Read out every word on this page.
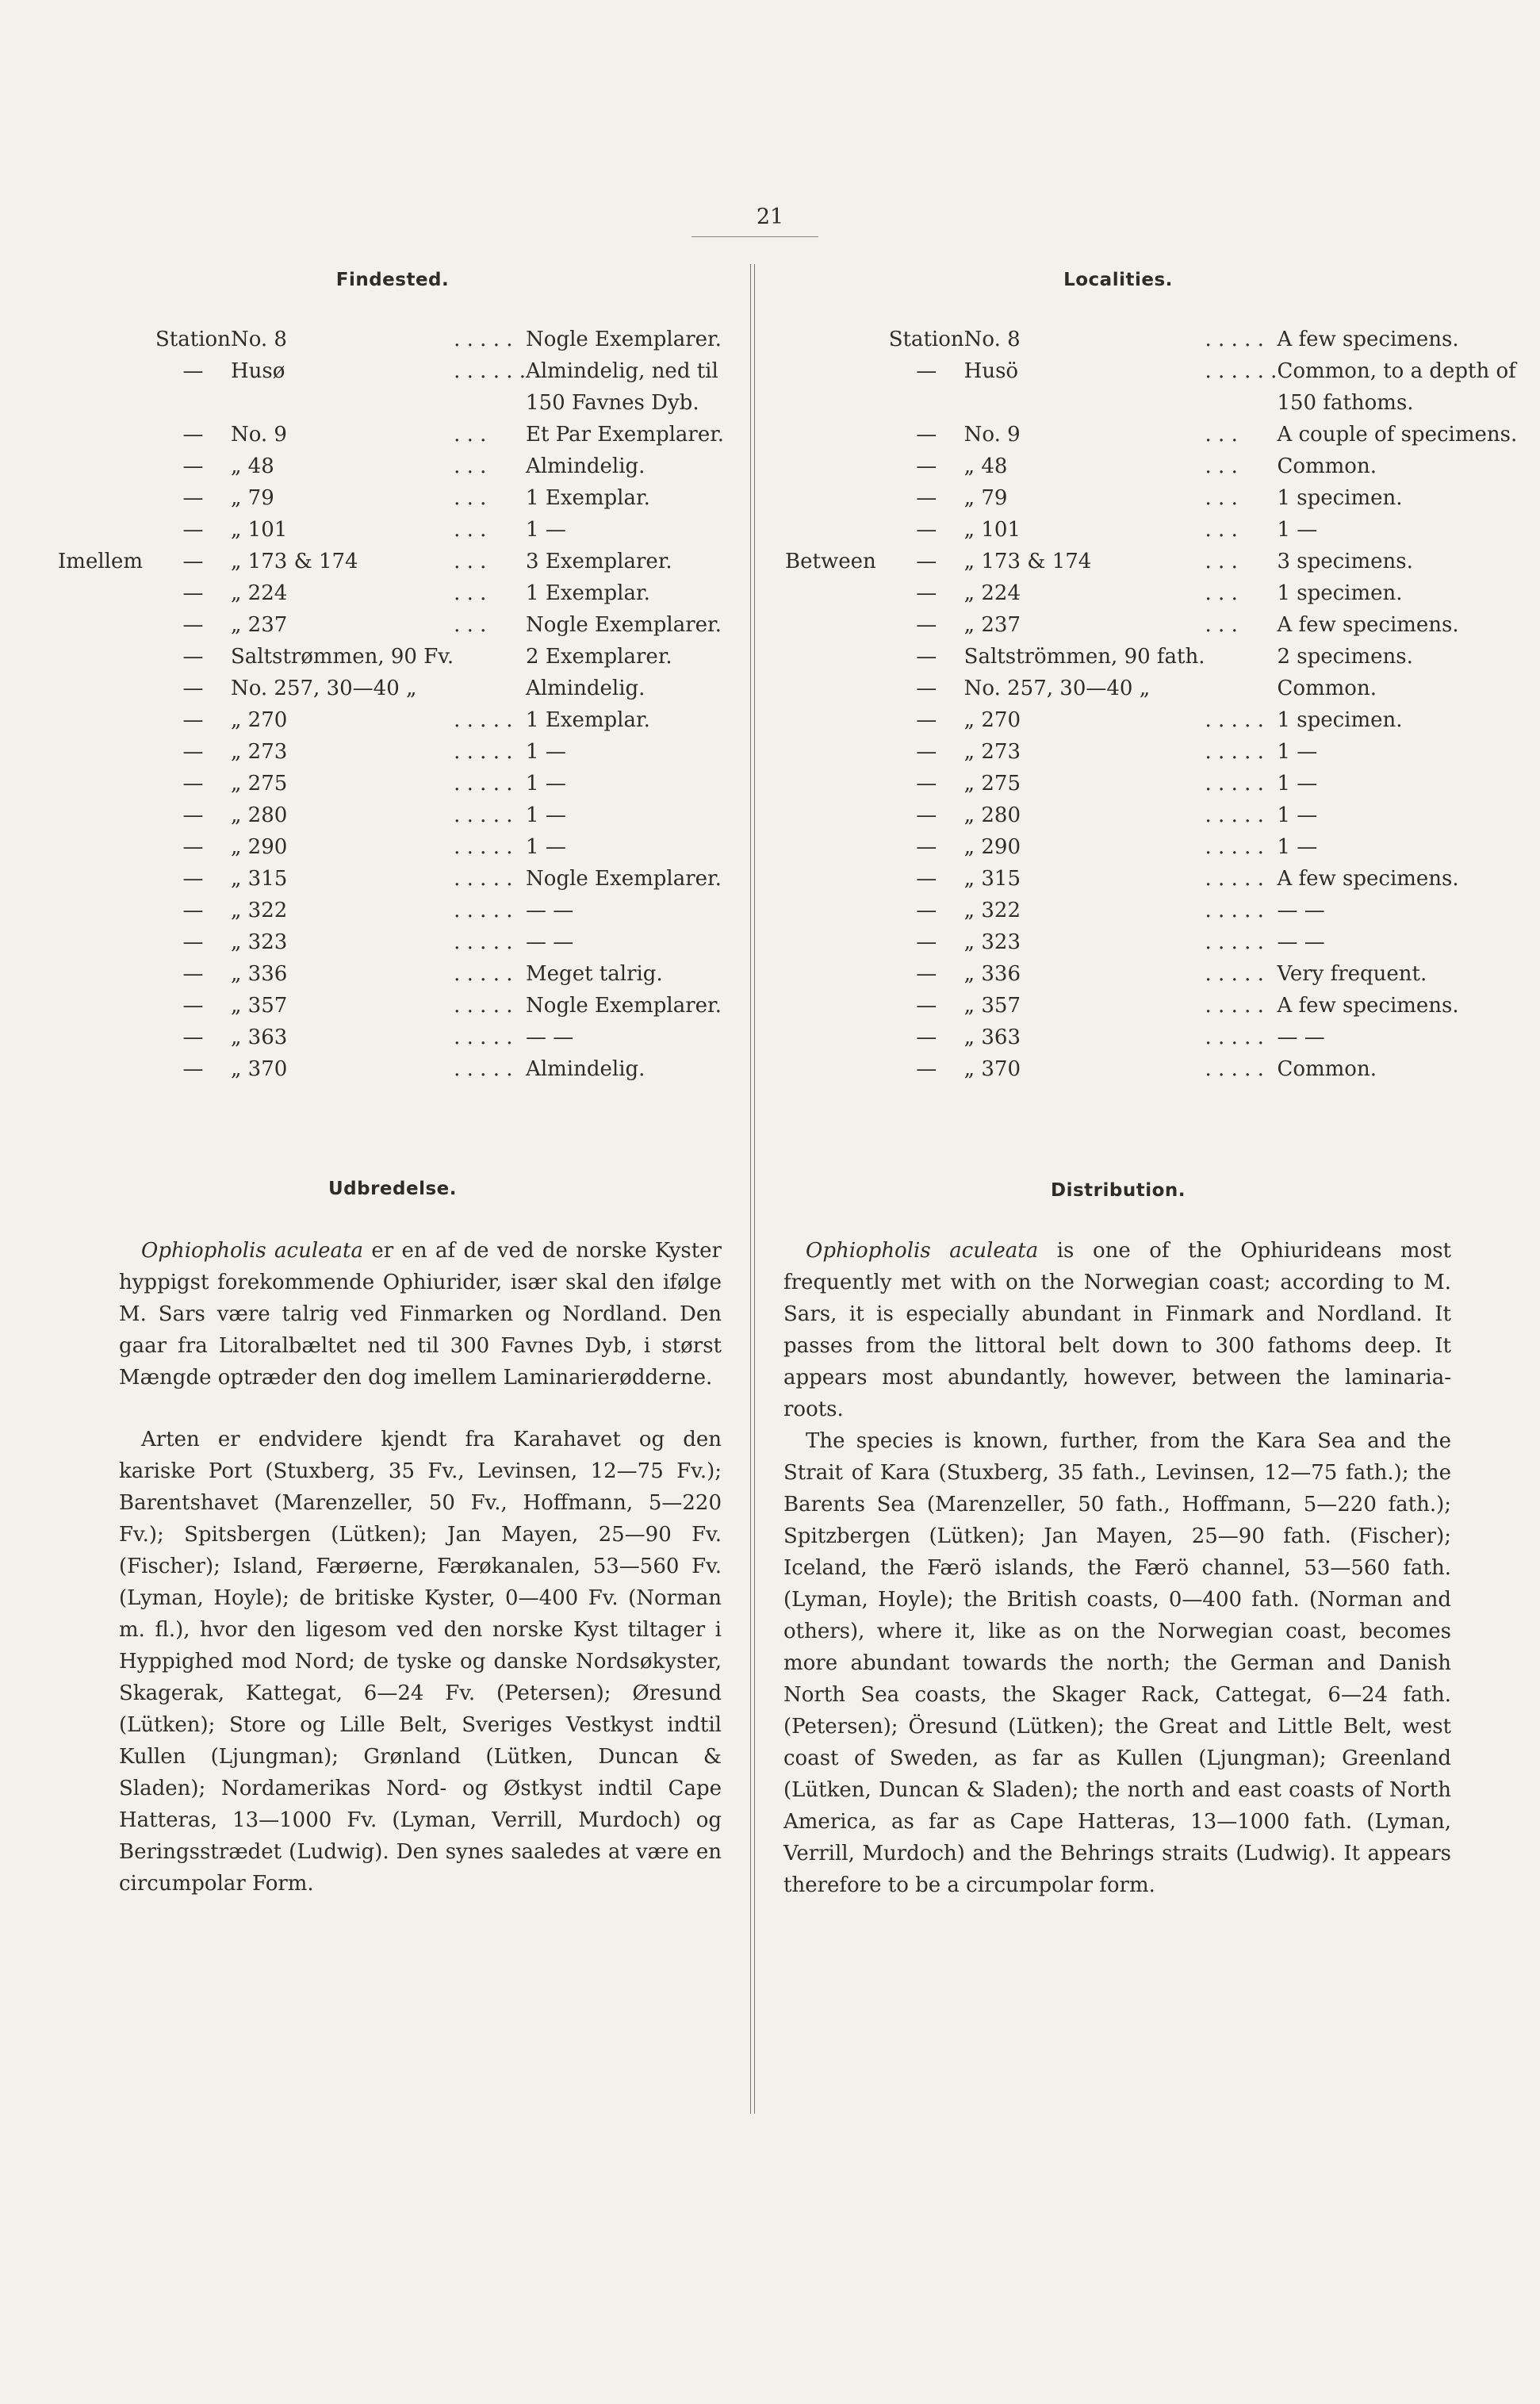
21
Findested.
	Station	No. 8	. . . . .	Nogle Exemplarer.
	—	Husø	. . . . . .	Almindelig, ned til 150 Favnes Dyb.
	—	No. 9	. . .	Et Par Exemplarer.
	—	„ 48	. . .	Almindelig.
	—	„ 79	. . .	1 Exemplar.
	—	„ 101	. . .	1 —
Imellem	—	„ 173 & 174	. . .	3 Exemplarer.
	—	„ 224	. . .	1 Exemplar.
	—	„ 237	. . .	Nogle Exemplarer.
	—	Saltstrømmen, 90 Fv.		2 Exemplarer.
	—	No. 257, 30—40 „		Almindelig.
	—	„ 270	. . . . .	1 Exemplar.
	—	„ 273	. . . . .	1 —
	—	„ 275	. . . . .	1 —
	—	„ 280	. . . . .	1 —
	—	„ 290	. . . . .	1 —
	—	„ 315	. . . . .	Nogle Exemplarer.
	—	„ 322	. . . . .	— —
	—	„ 323	. . . . .	— —
	—	„ 336	. . . . .	Meget talrig.
	—	„ 357	. . . . .	Nogle Exemplarer.
	—	„ 363	. . . . .	— —
	—	„ 370	. . . . .	Almindelig.
Udbredelse.

Ophiopholis aculeata er en af de ved de norske Kyster hyppigst forekommende Ophiurider, især skal den ifølge M. Sars være talrig ved Finmarken og Nordland. Den gaar fra Litoralbæltet ned til 300 Favnes Dyb, i størst Mængde optræder den dog imellem Laminarierødderne.

Arten er endvidere kjendt fra Karahavet og den kariske Port (Stuxberg, 35 Fv., Levinsen, 12—75 Fv.); Barentshavet (Marenzeller, 50 Fv., Hoffmann, 5—220 Fv.); Spitsbergen (Lütken); Jan Mayen, 25—90 Fv. (Fischer); Island, Færøerne, Færøkanalen, 53—560 Fv. (Lyman, Hoyle); de britiske Kyster, 0—400 Fv. (Norman m. fl.), hvor den ligesom ved den norske Kyst tiltager i Hyppighed mod Nord; de tyske og danske Nordsøkyster, Skagerak, Kattegat, 6—24 Fv. (Petersen); Øresund (Lütken); Store og Lille Belt, Sveriges Vestkyst indtil Kullen (Ljungman); Grønland (Lütken, Duncan & Sladen); Nordamerikas Nord- og Østkyst indtil Cape Hatteras, 13—1000 Fv. (Lyman, Verrill, Murdoch) og Beringsstrædet (Ludwig). Den synes saaledes at være en circumpolar Form.

Localities.
	Station	No. 8	. . . . .	A few specimens.
	—	Husö	. . . . . .	Common, to a depth of 150 fathoms.
	—	No. 9	. . .	A couple of specimens.
	—	„ 48	. . .	Common.
	—	„ 79	. . .	1 specimen.
	—	„ 101	. . .	1 —
Between	—	„ 173 & 174	. . .	3 specimens.
	—	„ 224	. . .	1 specimen.
	—	„ 237	. . .	A few specimens.
	—	Saltströmmen, 90 fath.		2 specimens.
	—	No. 257, 30—40 „		Common.
	—	„ 270	. . . . .	1 specimen.
	—	„ 273	. . . . .	1 —
	—	„ 275	. . . . .	1 —
	—	„ 280	. . . . .	1 —
	—	„ 290	. . . . .	1 —
	—	„ 315	. . . . .	A few specimens.
	—	„ 322	. . . . .	— —
	—	„ 323	. . . . .	— —
	—	„ 336	. . . . .	Very frequent.
	—	„ 357	. . . . .	A few specimens.
	—	„ 363	. . . . .	— —
	—	„ 370	. . . . .	Common.
Distribution.

Ophiopholis aculeata is one of the Ophiurideans most frequently met with on the Norwegian coast; according to M. Sars, it is especially abundant in Finmark and Nordland. It passes from the littoral belt down to 300 fathoms deep. It appears most abundantly, however, between the laminaria-roots.

The species is known, further, from the Kara Sea and the Strait of Kara (Stuxberg, 35 fath., Levinsen, 12—75 fath.); the Barents Sea (Marenzeller, 50 fath., Hoffmann, 5—220 fath.); Spitzbergen (Lütken); Jan Mayen, 25—90 fath. (Fischer); Iceland, the Færö islands, the Færö channel, 53—560 fath. (Lyman, Hoyle); the British coasts, 0—400 fath. (Norman and others), where it, like as on the Norwegian coast, becomes more abundant towards the north; the German and Danish North Sea coasts, the Skager Rack, Cattegat, 6—24 fath. (Petersen); Öresund (Lütken); the Great and Little Belt, west coast of Sweden, as far as Kullen (Ljungman); Greenland (Lütken, Duncan & Sladen); the north and east coasts of North America, as far as Cape Hatteras, 13—1000 fath. (Lyman, Verrill, Murdoch) and the Behrings straits (Ludwig). It appears therefore to be a circumpolar form.
